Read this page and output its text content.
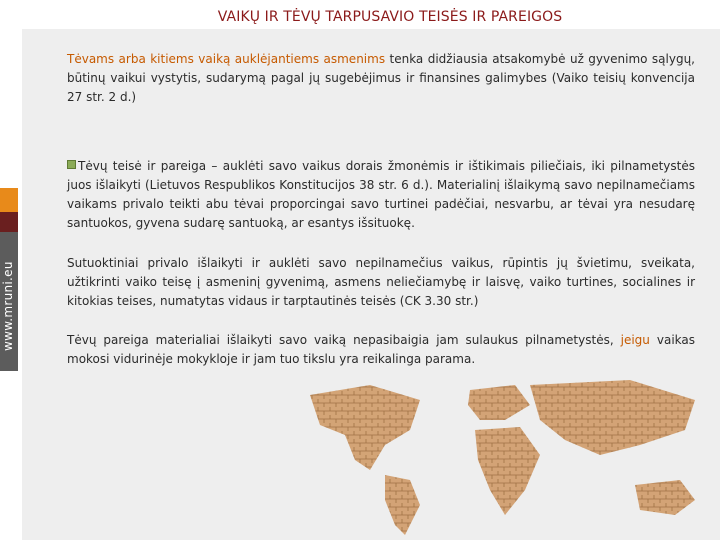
VAIKŲ IR TĖVŲ TARPUSAVIO TEISĖS IR PAREIGOS
www.mruni.eu

Tėvams arba kitiems vaiką auklėjantiems asmenims tenka didžiausia atsakomybė už gyvenimo sąlygų, būtinų vaikui vystytis, sudarymą pagal jų sugebėjimus ir finansines galimybes (Vaiko teisių konvencija 27 str. 2 d.)

Tėvų teisė ir pareiga – auklėti savo vaikus dorais žmonėmis ir ištikimais piliečiais, iki pilnametystės juos išlaikyti (Lietuvos Respublikos Konstitucijos 38 str. 6 d.). Materialinį išlaikymą savo nepilnamečiams vaikams privalo teikti abu tėvai proporcingai savo turtinei padėčiai, nesvarbu, ar tėvai yra nesudarę santuokos, gyvena sudarę santuoką, ar esantys išsituokę.

Sutuoktiniai privalo išlaikyti ir auklėti savo nepilnamečius vaikus, rūpintis jų švietimu, sveikata, užtikrinti vaiko teisę į asmeninį gyvenimą, asmens neliečiamybę ir laisvę, vaiko turtines, socialines ir kitokias teises, numatytas vidaus ir tarptautinės teisės (CK 3.30 str.)

Tėvų pareiga materialiai išlaikyti savo vaiką nepasibaigia jam sulaukus pilnametystės, jeigu vaikas mokosi vidurinėje mokykloje ir jam tuo tikslu yra reikalinga parama.
